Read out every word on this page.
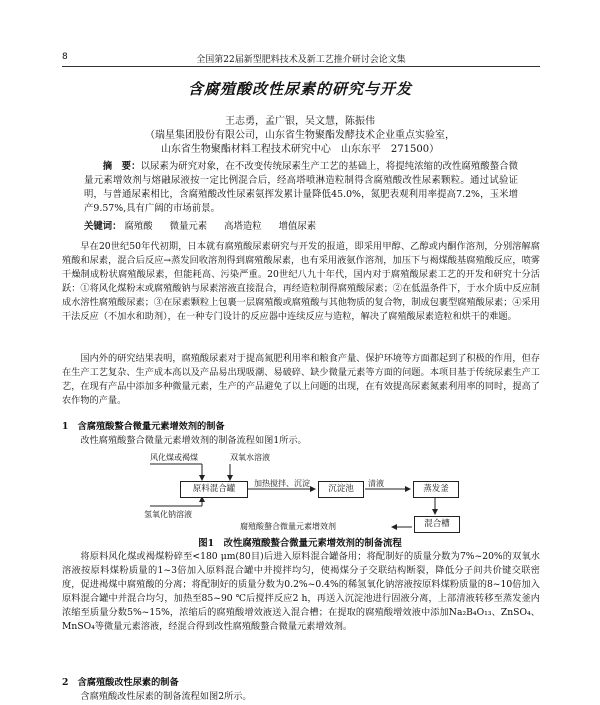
8	全国第22届新型肥料技术及新工艺推介研讨会论文集
含腐殖酸改性尿素的研究与开发
王志勇，孟广银，吴文慧，陈振伟
（瑞星集团股份有限公司，山东省生物聚酯发酵技术企业重点实验室，
山东省生物聚酯材料工程技术研究中心　山东东平　271500）

摘　要：以尿素为研究对象，在不改变传统尿素生产工艺的基础上，将提纯浓缩的改性腐殖酸螯合微量元素增效剂与熔融尿液按一定比例混合后，经高塔喷淋造粒制得含腐殖酸改性尿素颗粒。通过试验证明，与普通尿素相比，含腐殖酸改性尿素氨挥发累计量降低45.0%，氮肥表观利用率提高7.2%，玉米增产9.57%,具有广阔的市场前景。

关键词： 腐殖酸 微量元素 高塔造粒 增值尿素

早在20世纪50年代初期，日本就有腐殖酸尿素研究与开发的报道，即采用甲醇、乙醇或内酮作溶剂，分别溶解腐殖酸和尿素，混合后反应→蒸发回收溶剂得到腐殖酸尿素，也有采用液氨作溶剂，加压下与褐煤酸基腐殖酸反应，喷雾干燥制成粉状腐殖酸尿素，但能耗高、污染严重。20世纪八九十年代，国内对于腐殖酸尿素工艺的开发和研究十分活跃：①将风化煤粉末或腐殖酸钠与尿素溶液直接混合，再经造粒制得腐殖酸尿素；②在低温条件下，于水介质中反应制成水溶性腐殖酸尿素；③在尿素颗粒上包裹一层腐殖酸或腐殖酸与其他物质的复合物，制成包裹型腐殖酸尿素；④采用干法反应（不加水和助剂），在一种专门设计的反应器中连续反应与造粒，解决了腐殖酸尿素造粒和烘干的难题。

国内外的研究结果表明，腐殖酸尿素对于提高氮肥利用率和粮食产量、保护环境等方面都起到了积极的作用，但存在生产工艺复杂、生产成本高以及产品易出现吸潮、易破碎、缺少微量元素等方面的问题。本项目基于传统尿素生产工艺，在现有产品中添加多种微量元素，生产的产品避免了以上问题的出现，在有效提高尿素氮素利用率的同时，提高了农作物的产量。

1　含腐殖酸螯合微量元素增效剂的制备

改性腐殖酸螯合微量元素增效剂的制备流程如图1所示。

风化煤或褐煤	双氧水溶液
原料混合罐
氢氧化钠溶液
加热搅拌、沉淀
沉淀池
清液
蒸发釜
混合槽
腐殖酸螯合微量元素增效剂
图1　改性腐殖酸螯合微量元素增效剂的制备流程

将原料风化煤或褐煤粉碎至<180 μm(80目)后进入原料混合罐备用；将配制好的质量分数为7%~20%的双氧水溶液按原料煤粉质量的1~3倍加入原料混合罐中并搅拌均匀，使褐煤分子交联结构断裂，降低分子间共价键交联密度，促进褐煤中腐殖酸的分离；将配制好的质量分数为0.2%~0.4%的稀氢氧化钠溶液按原料煤粉质量的8~10倍加入原料混合罐中并混合均匀，加热至85~90 ℃后搅拌反应2 h，再送入沉淀池进行固液分离，上部清液转移至蒸发釜内浓缩至质量分数5%~15%，浓缩后的腐殖酸增效液送入混合槽；在提取的腐殖酸增效液中添加Na₂B₄O₁₃、ZnSO₄、MnSO₄等微量元素溶液，经混合得到改性腐殖酸螯合微量元素增效剂。

2　含腐殖酸改性尿素的制备

含腐殖酸改性尿素的制备流程如图2所示。
